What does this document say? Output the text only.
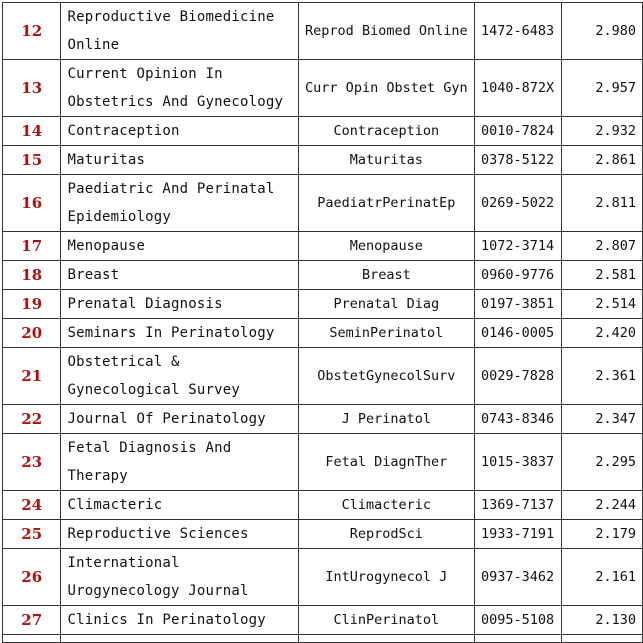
12	Reproductive Biomedicine Online	Reprod Biomed Online	1472-6483	2.980
13	Current Opinion In Obstetrics And Gynecology	Curr Opin Obstet Gyn	1040-872X	2.957
14	Contraception	Contraception	0010-7824	2.932
15	Maturitas	Maturitas	0378-5122	2.861
16	Paediatric And Perinatal Epidemiology	PaediatrPerinatEp	0269-5022	2.811
17	Menopause	Menopause	1072-3714	2.807
18	Breast	Breast	0960-9776	2.581
19	Prenatal Diagnosis	Prenatal Diag	0197-3851	2.514
20	Seminars In Perinatology	SeminPerinatol	0146-0005	2.420
21	Obstetrical & Gynecological Survey	ObstetGynecolSurv	0029-7828	2.361
22	Journal Of Perinatology	J Perinatol	0743-8346	2.347
23	Fetal Diagnosis And Therapy	Fetal DiagnTher	1015-3837	2.295
24	Climacteric	Climacteric	1369-7137	2.244
25	Reproductive Sciences	ReprodSci	1933-7191	2.179
26	International Urogynecology Journal	IntUrogynecol J	0937-3462	2.161
27	Clinics In Perinatology	ClinPerinatol	0095-5108	2.130
